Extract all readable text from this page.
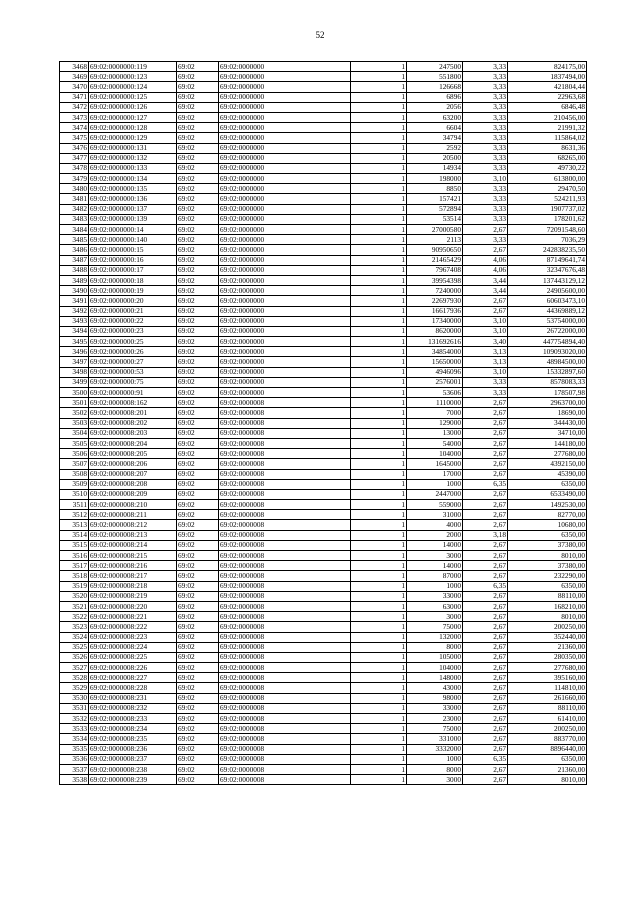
52
3468	69:02:0000000:119	69:02	69:02:0000000	1	247500	3,33	824175,00
3469	69:02:0000000:123	69:02	69:02:0000000	1	551800	3,33	1837494,00
3470	69:02:0000000:124	69:02	69:02:0000000	1	126668	3,33	421804,44
3471	69:02:0000000:125	69:02	69:02:0000000	1	6896	3,33	22963,68
3472	69:02:0000000:126	69:02	69:02:0000000	1	2056	3,33	6846,48
3473	69:02:0000000:127	69:02	69:02:0000000	1	63200	3,33	210456,00
3474	69:02:0000000:128	69:02	69:02:0000000	1	6604	3,33	21991,32
3475	69:02:0000000:129	69:02	69:02:0000000	1	34794	3,33	115864,02
3476	69:02:0000000:131	69:02	69:02:0000000	1	2592	3,33	8631,36
3477	69:02:0000000:132	69:02	69:02:0000000	1	20500	3,33	68265,00
3478	69:02:0000000:133	69:02	69:02:0000000	1	14934	3,33	49730,22
3479	69:02:0000000:134	69:02	69:02:0000000	1	198000	3,10	613800,00
3480	69:02:0000000:135	69:02	69:02:0000000	1	8850	3,33	29470,50
3481	69:02:0000000:136	69:02	69:02:0000000	1	157421	3,33	524211,93
3482	69:02:0000000:137	69:02	69:02:0000000	1	572894	3,33	1907737,02
3483	69:02:0000000:139	69:02	69:02:0000000	1	53514	3,33	178201,62
3484	69:02:0000000:14	69:02	69:02:0000000	1	27000580	2,67	72091548,60
3485	69:02:0000000:140	69:02	69:02:0000000	1	2113	3,33	7036,29
3486	69:02:0000000:15	69:02	69:02:0000000	1	90950650	2,67	242838235,50
3487	69:02:0000000:16	69:02	69:02:0000000	1	21465429	4,06	87149641,74
3488	69:02:0000000:17	69:02	69:02:0000000	1	7967408	4,06	32347676,48
3489	69:02:0000000:18	69:02	69:02:0000000	1	39954398	3,44	137443129,12
3490	69:02:0000000:19	69:02	69:02:0000000	1	7240000	3,44	24905600,00
3491	69:02:0000000:20	69:02	69:02:0000000	1	22697930	2,67	60603473,10
3492	69:02:0000000:21	69:02	69:02:0000000	1	16617936	2,67	44369889,12
3493	69:02:0000000:22	69:02	69:02:0000000	1	17340000	3,10	53754000,00
3494	69:02:0000000:23	69:02	69:02:0000000	1	8620000	3,10	26722000,00
3495	69:02:0000000:25	69:02	69:02:0000000	1	131692616	3,40	447754894,40
3496	69:02:0000000:26	69:02	69:02:0000000	1	34854000	3,13	109093020,00
3497	69:02:0000000:27	69:02	69:02:0000000	1	15650000	3,13	48984500,00
3498	69:02:0000000:53	69:02	69:02:0000000	1	4946096	3,10	15332897,60
3499	69:02:0000000:75	69:02	69:02:0000000	1	2576001	3,33	8578083,33
3500	69:02:0000000:91	69:02	69:02:0000000	1	53606	3,33	178507,98
3501	69:02:0000008:162	69:02	69:02:0000008	1	1110000	2,67	2963700,00
3502	69:02:0000008:201	69:02	69:02:0000008	1	7000	2,67	18690,00
3503	69:02:0000008:202	69:02	69:02:0000008	1	129000	2,67	344430,00
3504	69:02:0000008:203	69:02	69:02:0000008	1	13000	2,67	34710,00
3505	69:02:0000008:204	69:02	69:02:0000008	1	54000	2,67	144180,00
3506	69:02:0000008:205	69:02	69:02:0000008	1	104000	2,67	277680,00
3507	69:02:0000008:206	69:02	69:02:0000008	1	1645000	2,67	4392150,00
3508	69:02:0000008:207	69:02	69:02:0000008	1	17000	2,67	45390,00
3509	69:02:0000008:208	69:02	69:02:0000008	1	1000	6,35	6350,00
3510	69:02:0000008:209	69:02	69:02:0000008	1	2447000	2,67	6533490,00
3511	69:02:0000008:210	69:02	69:02:0000008	1	559000	2,67	1492530,00
3512	69:02:0000008:211	69:02	69:02:0000008	1	31000	2,67	82770,00
3513	69:02:0000008:212	69:02	69:02:0000008	1	4000	2,67	10680,00
3514	69:02:0000008:213	69:02	69:02:0000008	1	2000	3,18	6350,00
3515	69:02:0000008:214	69:02	69:02:0000008	1	14000	2,67	37380,00
3516	69:02:0000008:215	69:02	69:02:0000008	1	3000	2,67	8010,00
3517	69:02:0000008:216	69:02	69:02:0000008	1	14000	2,67	37380,00
3518	69:02:0000008:217	69:02	69:02:0000008	1	87000	2,67	232290,00
3519	69:02:0000008:218	69:02	69:02:0000008	1	1000	6,35	6350,00
3520	69:02:0000008:219	69:02	69:02:0000008	1	33000	2,67	88110,00
3521	69:02:0000008:220	69:02	69:02:0000008	1	63000	2,67	168210,00
3522	69:02:0000008:221	69:02	69:02:0000008	1	3000	2,67	8010,00
3523	69:02:0000008:222	69:02	69:02:0000008	1	75000	2,67	200250,00
3524	69:02:0000008:223	69:02	69:02:0000008	1	132000	2,67	352440,00
3525	69:02:0000008:224	69:02	69:02:0000008	1	8000	2,67	21360,00
3526	69:02:0000008:225	69:02	69:02:0000008	1	105000	2,67	280350,00
3527	69:02:0000008:226	69:02	69:02:0000008	1	104000	2,67	277680,00
3528	69:02:0000008:227	69:02	69:02:0000008	1	148000	2,67	395160,00
3529	69:02:0000008:228	69:02	69:02:0000008	1	43000	2,67	114810,00
3530	69:02:0000008:231	69:02	69:02:0000008	1	98000	2,67	261660,00
3531	69:02:0000008:232	69:02	69:02:0000008	1	33000	2,67	88110,00
3532	69:02:0000008:233	69:02	69:02:0000008	1	23000	2,67	61410,00
3533	69:02:0000008:234	69:02	69:02:0000008	1	75000	2,67	200250,00
3534	69:02:0000008:235	69:02	69:02:0000008	1	331000	2,67	883770,00
3535	69:02:0000008:236	69:02	69:02:0000008	1	3332000	2,67	8896440,00
3536	69:02:0000008:237	69:02	69:02:0000008	1	1000	6,35	6350,00
3537	69:02:0000008:238	69:02	69:02:0000008	1	8000	2,67	21360,00
3538	69:02:0000008:239	69:02	69:02:0000008	1	3000	2,67	8010,00
